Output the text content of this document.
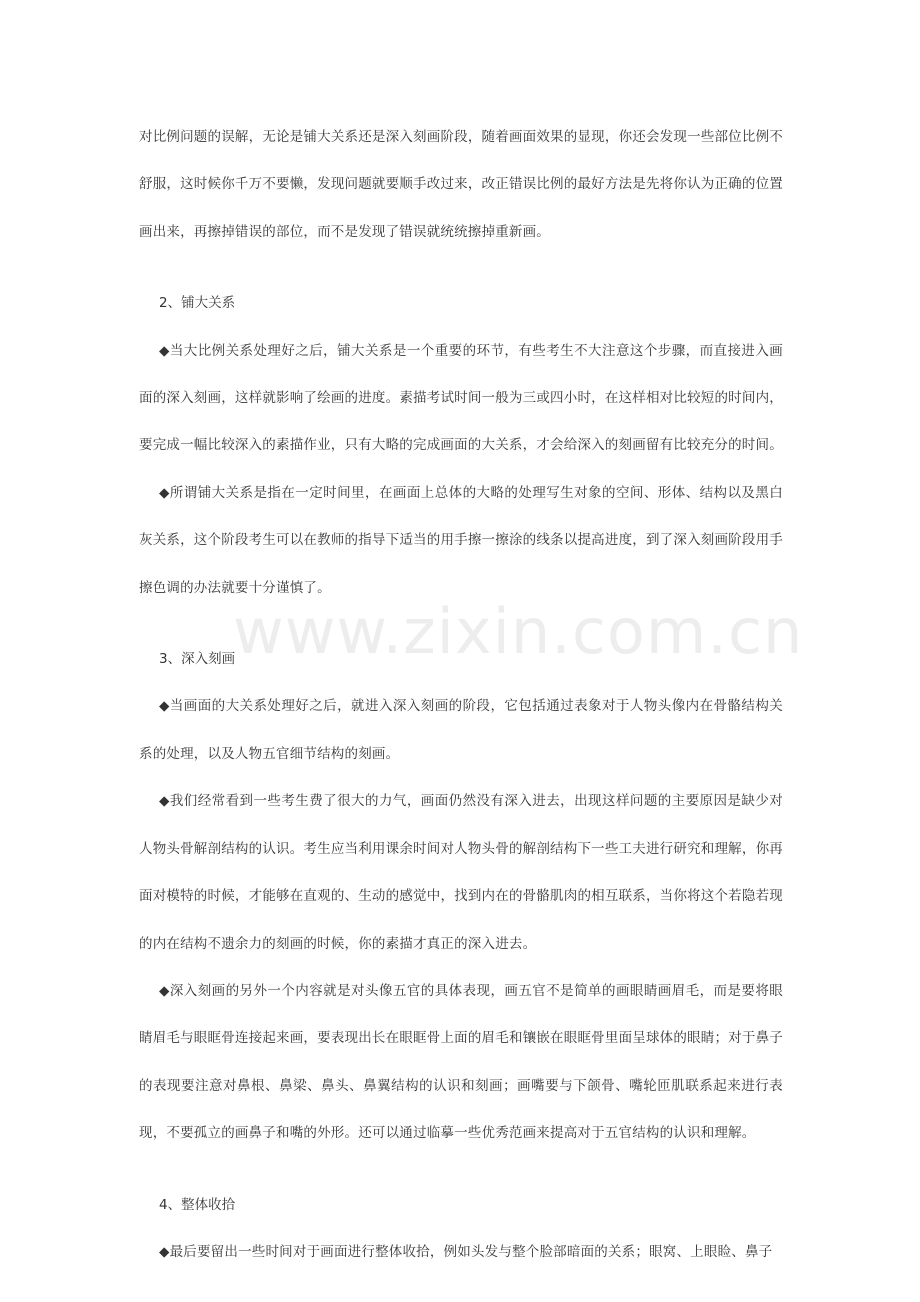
对比例问题的误解，无论是铺大关系还是深入刻画阶段，随着画面效果的显现，你还会发现一些部位比例不舒服，这时候你千万不要懒，发现问题就要顺手改过来，改正错误比例的最好方法是先将你认为正确的位置画出来，再擦掉错误的部位，而不是发现了错误就统统擦掉重新画。

2、铺大关系

◆当大比例关系处理好之后，铺大关系是一个重要的环节，有些考生不大注意这个步骤，而直接进入画面的深入刻画，这样就影响了绘画的进度。素描考试时间一般为三或四小时，在这样相对比较短的时间内，要完成一幅比较深入的素描作业，只有大略的完成画面的大关系，才会给深入的刻画留有比较充分的时间。

◆所谓铺大关系是指在一定时间里，在画面上总体的大略的处理写生对象的空间、形体、结构以及黑白灰关系，这个阶段考生可以在教师的指导下适当的用手擦一擦涂的线条以提高进度，到了深入刻画阶段用手擦色调的办法就要十分谨慎了。

3、深入刻画

◆当画面的大关系处理好之后，就进入深入刻画的阶段，它包括通过表象对于人物头像内在骨骼结构关系的处理，以及人物五官细节结构的刻画。

◆我们经常看到一些考生费了很大的力气，画面仍然没有深入进去，出现这样问题的主要原因是缺少对人物头骨解剖结构的认识。考生应当利用课余时间对人物头骨的解剖结构下一些工夫进行研究和理解，你再面对模特的时候，才能够在直观的、生动的感觉中，找到内在的骨骼肌肉的相互联系，当你将这个若隐若现的内在结构不遗余力的刻画的时候，你的素描才真正的深入进去。

◆深入刻画的另外一个内容就是对头像五官的具体表现，画五官不是简单的画眼睛画眉毛，而是要将眼睛眉毛与眼眶骨连接起来画，要表现出长在眼眶骨上面的眉毛和镶嵌在眼眶骨里面呈球体的眼睛；对于鼻子的表现要注意对鼻根、鼻梁、鼻头、鼻翼结构的认识和刻画；画嘴要与下颌骨、嘴轮匝肌联系起来进行表现，不要孤立的画鼻子和嘴的外形。还可以通过临摹一些优秀范画来提高对于五官结构的认识和理解。

4、整体收拾

◆最后要留出一些时间对于画面进行整体收拾，例如头发与整个脸部暗面的关系；眼窝、上眼睑、鼻子

www.zixin.com.cn
